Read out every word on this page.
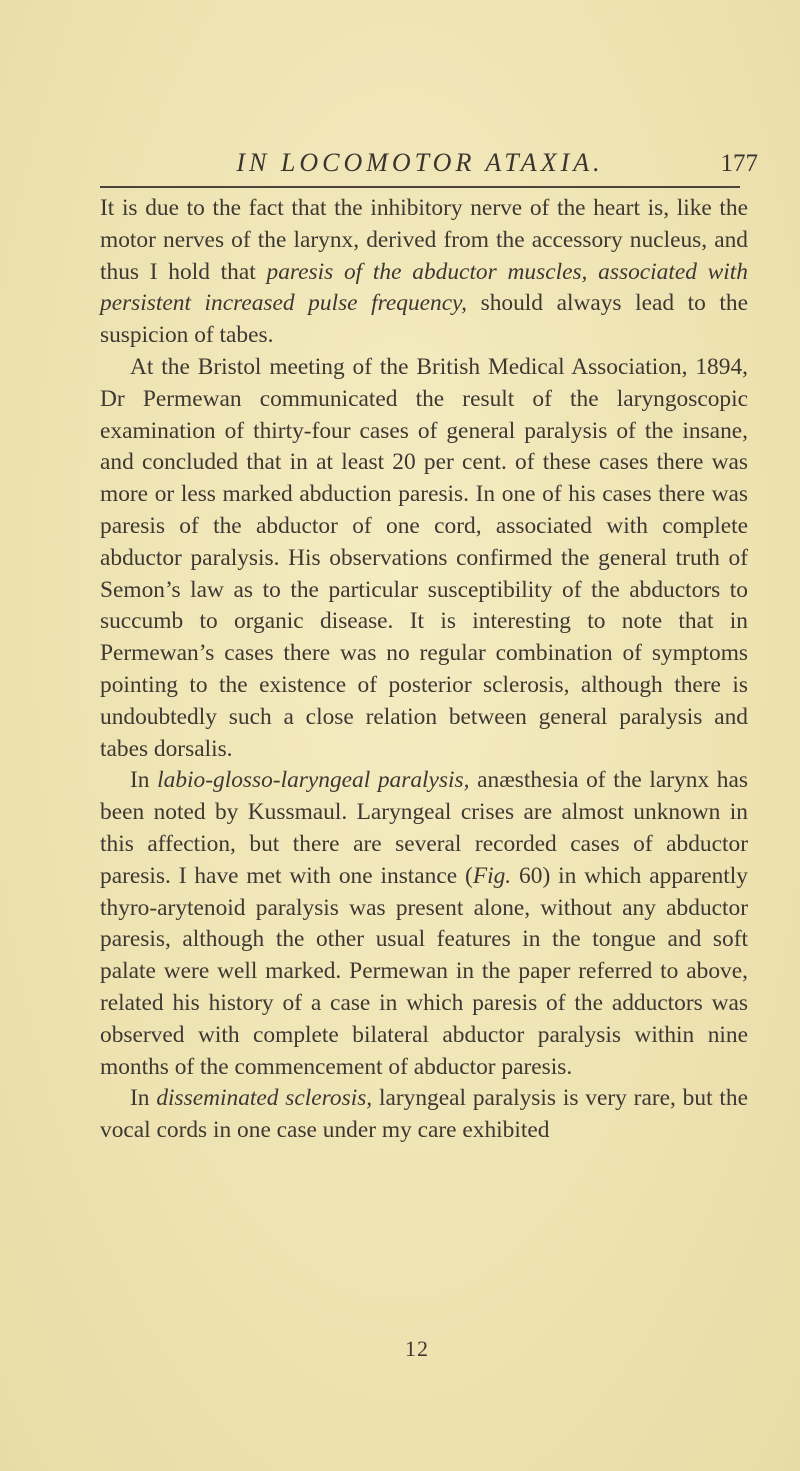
IN LOCOMOTOR ATAXIA.	177

It is due to the fact that the inhibitory nerve of the heart is, like the motor nerves of the larynx, derived from the accessory nucleus, and thus I hold that paresis of the abductor muscles, associated with persistent increased pulse frequency, should always lead to the suspicion of tabes.

At the Bristol meeting of the British Medical Association, 1894, Dr Permewan communicated the result of the laryngoscopic examination of thirty-four cases of general paralysis of the insane, and concluded that in at least 20 per cent. of these cases there was more or less marked abduction paresis. In one of his cases there was paresis of the abductor of one cord, associated with complete abductor paralysis. His observations confirmed the general truth of Semon’s law as to the particular susceptibility of the abductors to succumb to organic disease. It is interesting to note that in Permewan’s cases there was no regular combination of symptoms pointing to the existence of posterior sclerosis, although there is undoubtedly such a close relation between general paralysis and tabes dorsalis.

In labio-glosso-laryngeal paralysis, anæsthesia of the larynx has been noted by Kussmaul. Laryngeal crises are almost unknown in this affection, but there are several recorded cases of abductor paresis. I have met with one instance (Fig. 60) in which apparently thyro-arytenoid paralysis was present alone, without any abductor paresis, although the other usual features in the tongue and soft palate were well marked. Permewan in the paper referred to above, related his history of a case in which paresis of the adductors was observed with complete bilateral abductor paralysis within nine months of the commencement of abductor paresis.

In disseminated sclerosis, laryngeal paralysis is very rare, but the vocal cords in one case under my care exhibited

12
